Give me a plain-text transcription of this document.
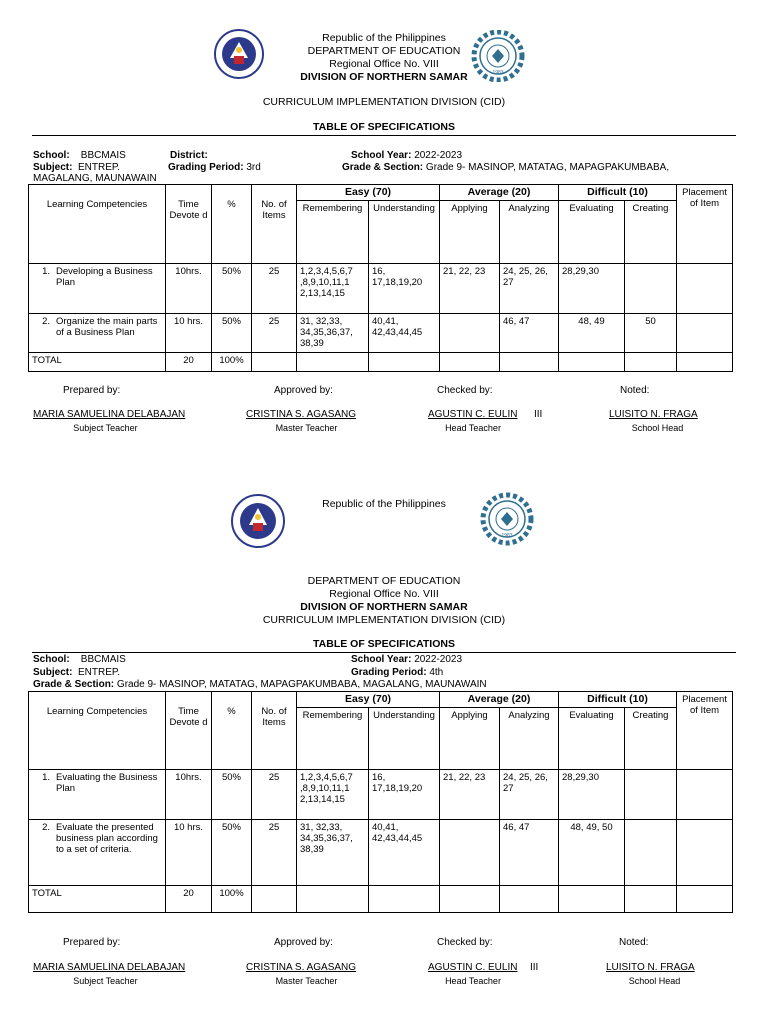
1983
Republic of the Philippines
DEPARTMENT OF EDUCATION
Regional Office No. VIII
DIVISION OF NORTHERN SAMAR
CURRICULUM IMPLEMENTATION DIVISION (CID)
TABLE OF SPECIFICATIONS
School: BBCMAIS	District:	School Year: 2022-2023
Subject: ENTREP.	Grading Period: 3rd	Grade & Section: Grade 9- MASINOP, MATATAG, MAPAGPAKUMBABA,
MAGALANG, MAUNAWAIN
Learning Competencies	Time Devote d	%	No. of Items	Easy (70)		Average (20)		Difficult (10)		Placement of Item
				Remembering	Understanding	Applying	Analyzing	Evaluating	Creating	

1. Developing a Business Plan	10hrs.	50%	25	1,2,3,4,5,6,7 ,8,9,10,11,1 2,13,14,15	16, 17,18,19,20	21, 22, 23	24, 25, 26, 27	28,29,30		

2. Organize the main parts of a Business Plan	10 hrs.	50%	25	31, 32,33, 34,35,36,37, 38,39	40,41, 42,43,44,45		46, 47	48, 49	50	
TOTAL	20	100%								
Prepared by:	Approved by:	Checked by:	Noted:
MARIA SAMUELINA DELABAJAN	CRISTINA S. AGASANG	AGUSTIN C. EULIN III	LUISITO N. FRAGA
Subject Teacher	Master Teacher	Head Teacher	School Head
1983
Republic of the Philippines
DEPARTMENT OF EDUCATION
Regional Office No. VIII
DIVISION OF NORTHERN SAMAR
CURRICULUM IMPLEMENTATION DIVISION (CID)
TABLE OF SPECIFICATIONS
School: BBCMAIS	School Year: 2022-2023
Subject: ENTREP.	Grading Period: 4th
Grade & Section: Grade 9- MASINOP, MATATAG, MAPAGPAKUMBABA, MAGALANG, MAUNAWAIN
Learning Competencies	Time Devote d	%	No. of Items	Easy (70)		Average (20)		Difficult (10)		Placement of Item
				Remembering	Understanding	Applying	Analyzing	Evaluating	Creating	

1. Evaluating the Business Plan	10hrs.	50%	25	1,2,3,4,5,6,7 ,8,9,10,11,1 2,13,14,15	16, 17,18,19,20	21, 22, 23	24, 25, 26, 27	28,29,30		

2. Evaluate the presented business plan according to a set of criteria.	10 hrs.	50%	25	31, 32,33, 34,35,36,37, 38,39	40,41, 42,43,44,45		46, 47	48, 49, 50		
TOTAL	20	100%								
Prepared by:	Approved by:	Checked by:	Noted:
MARIA SAMUELINA DELABAJAN	CRISTINA S. AGASANG	AGUSTIN C. EULIN III	LUISITO N. FRAGA
Subject Teacher	Master Teacher	Head Teacher	School Head
